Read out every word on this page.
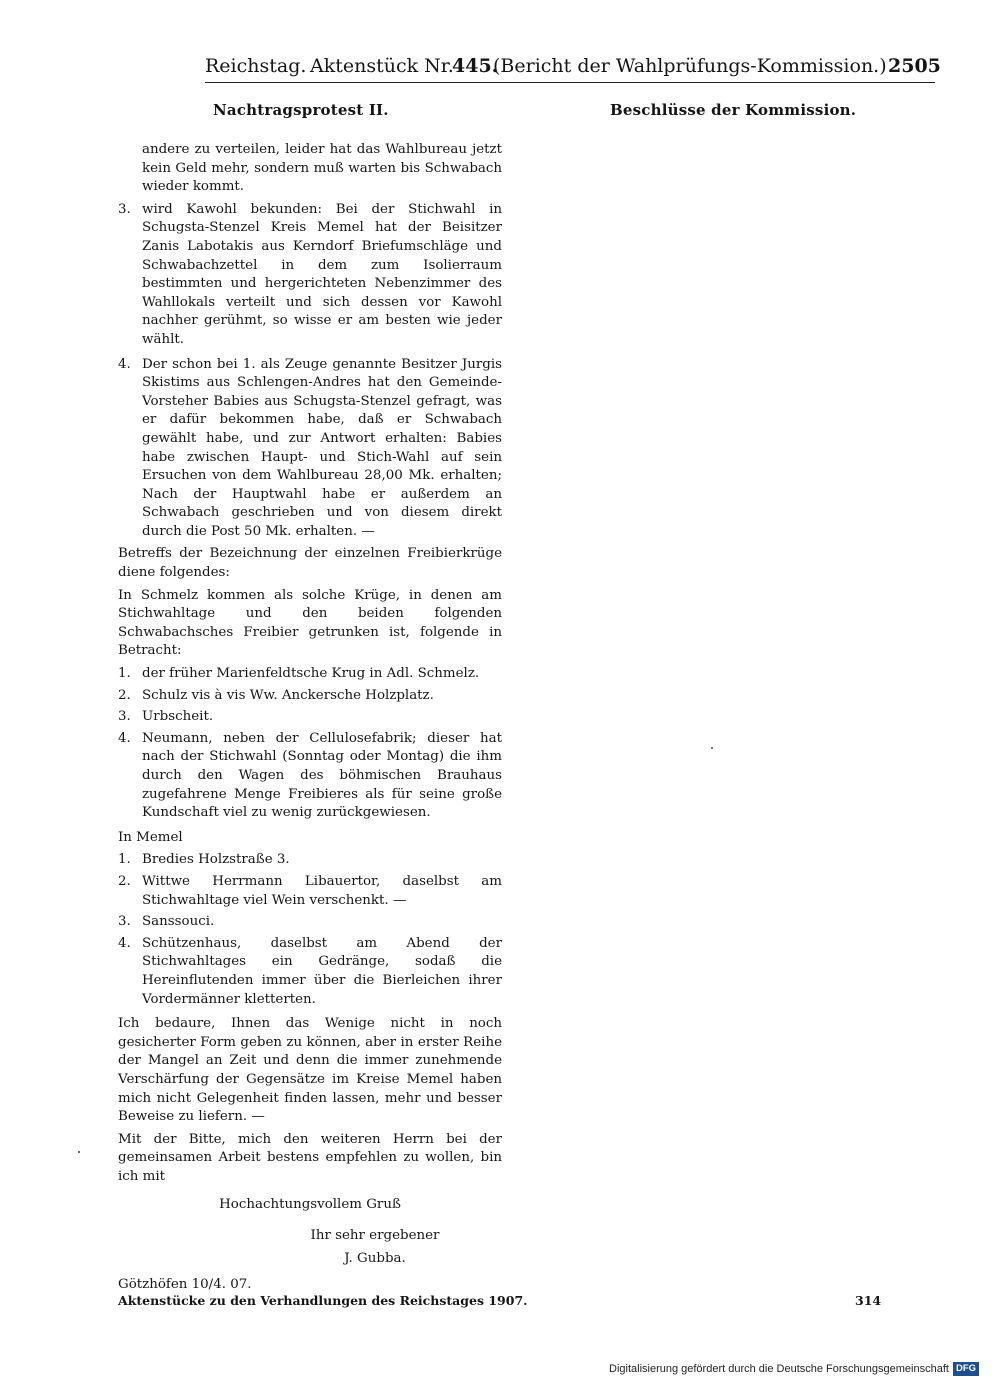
Reichstag. Aktenstück Nr.
445.
(Bericht der Wahlprüfungs-Kommission.) 2505
Nachtragsprotest II.	Beschlüsse der Kommission.

andere zu verteilen, leider hat das Wahlbureau jetzt kein Geld mehr, sondern muß warten bis Schwabach wieder kommt.

3. wird Kawohl bekunden: Bei der Stichwahl in Schugsta-Stenzel Kreis Memel hat der Beisitzer Zanis Labotakis aus Kerndorf Briefumschläge und Schwabachzettel in dem zum Isolierraum bestimmten und hergerichteten Nebenzimmer des Wahllokals verteilt und sich dessen vor Kawohl nachher gerühmt, so wisse er am besten wie jeder wählt.
4. Der schon bei 1. als Zeuge genannte Besitzer Jurgis Skistims aus Schlengen-Andres hat den Gemeinde-Vorsteher Babies aus Schugsta-Stenzel gefragt, was er dafür bekommen habe, daß er Schwabach gewählt habe, und zur Antwort erhalten: Babies habe zwischen Haupt- und Stich-Wahl auf sein Ersuchen von dem Wahlbureau 28,00 Mk. erhalten; Nach der Hauptwahl habe er außerdem an Schwabach geschrieben und von diesem direkt durch die Post 50 Mk. erhalten. —

Betreffs der Bezeichnung der einzelnen Freibierkrüge diene folgendes:

In Schmelz kommen als solche Krüge, in denen am Stichwahltage und den beiden folgenden Schwabachsches Freibier getrunken ist, folgende in Betracht:

1. der früher Marienfeldtsche Krug in Adl. Schmelz.
2. Schulz vis à vis Ww. Anckersche Holzplatz.
3. Urbscheit.
4. Neumann, neben der Cellulosefabrik; dieser hat nach der Stichwahl (Sonntag oder Montag) die ihm durch den Wagen des böhmischen Brauhaus zugefahrene Menge Freibieres als für seine große Kundschaft viel zu wenig zurückgewiesen.

In Memel

1. Bredies Holzstraße 3.
2. Wittwe Herrmann Libauertor, daselbst am Stichwahltage viel Wein verschenkt. —
3. Sanssouci.
4. Schützenhaus, daselbst am Abend der Stichwahltages ein Gedränge, sodaß die Hereinflutenden immer über die Bierleichen ihrer Vordermänner kletterten.

Ich bedaure, Ihnen das Wenige nicht in noch gesicherter Form geben zu können, aber in erster Reihe der Mangel an Zeit und denn die immer zunehmende Verschärfung der Gegensätze im Kreise Memel haben mich nicht Gelegenheit finden lassen, mehr und besser Beweise zu liefern. —

Mit der Bitte, mich den weiteren Herrn bei der gemeinsamen Arbeit bestens empfehlen zu wollen, bin ich mit

Hochachtungsvollem Gruß

Ihr sehr ergebener

J. Gubba.

Götzhöfen 10/4. 07.

Aktenstücke zu den Verhandlungen des Reichstages 1907.	314
Digitalisierung gefördert durch die Deutsche Forschungsgemeinschaft DFG
